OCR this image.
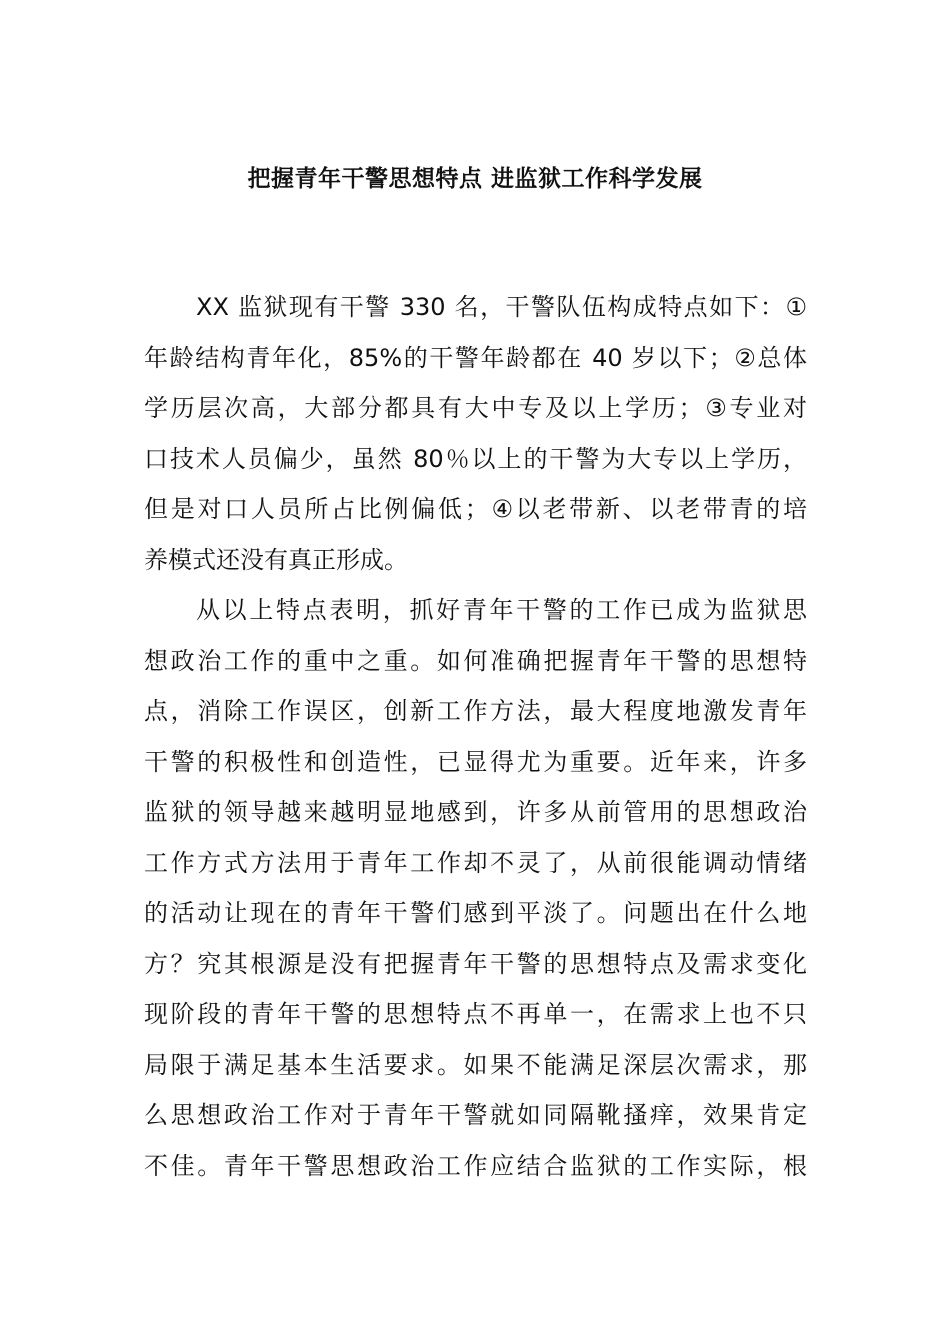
把握青年干警思想特点 进监狱工作科学发展
XX 监狱现有干警 330 名，干警队伍构成特点如下：①
年龄结构青年化，85%的干警年龄都在 40 岁以下；②总体
学历层次高，大部分都具有大中专及以上学历；③专业对
口技术人员偏少，虽然 80％以上的干警为大专以上学历，
但是对口人员所占比例偏低；④以老带新、以老带青的培
养模式还没有真正形成。
从以上特点表明，抓好青年干警的工作已成为监狱思
想政治工作的重中之重。如何准确把握青年干警的思想特
点，消除工作误区，创新工作方法，最大程度地激发青年
干警的积极性和创造性，已显得尤为重要。近年来，许多
监狱的领导越来越明显地感到，许多从前管用的思想政治
工作方式方法用于青年工作却不灵了，从前很能调动情绪
的活动让现在的青年干警们感到平淡了。问题出在什么地
方？究其根源是没有把握青年干警的思想特点及需求变化
现阶段的青年干警的思想特点不再单一，在需求上也不只
局限于满足基本生活要求。如果不能满足深层次需求，那
么思想政治工作对于青年干警就如同隔靴搔痒，效果肯定
不佳。青年干警思想政治工作应结合监狱的工作实际，根
